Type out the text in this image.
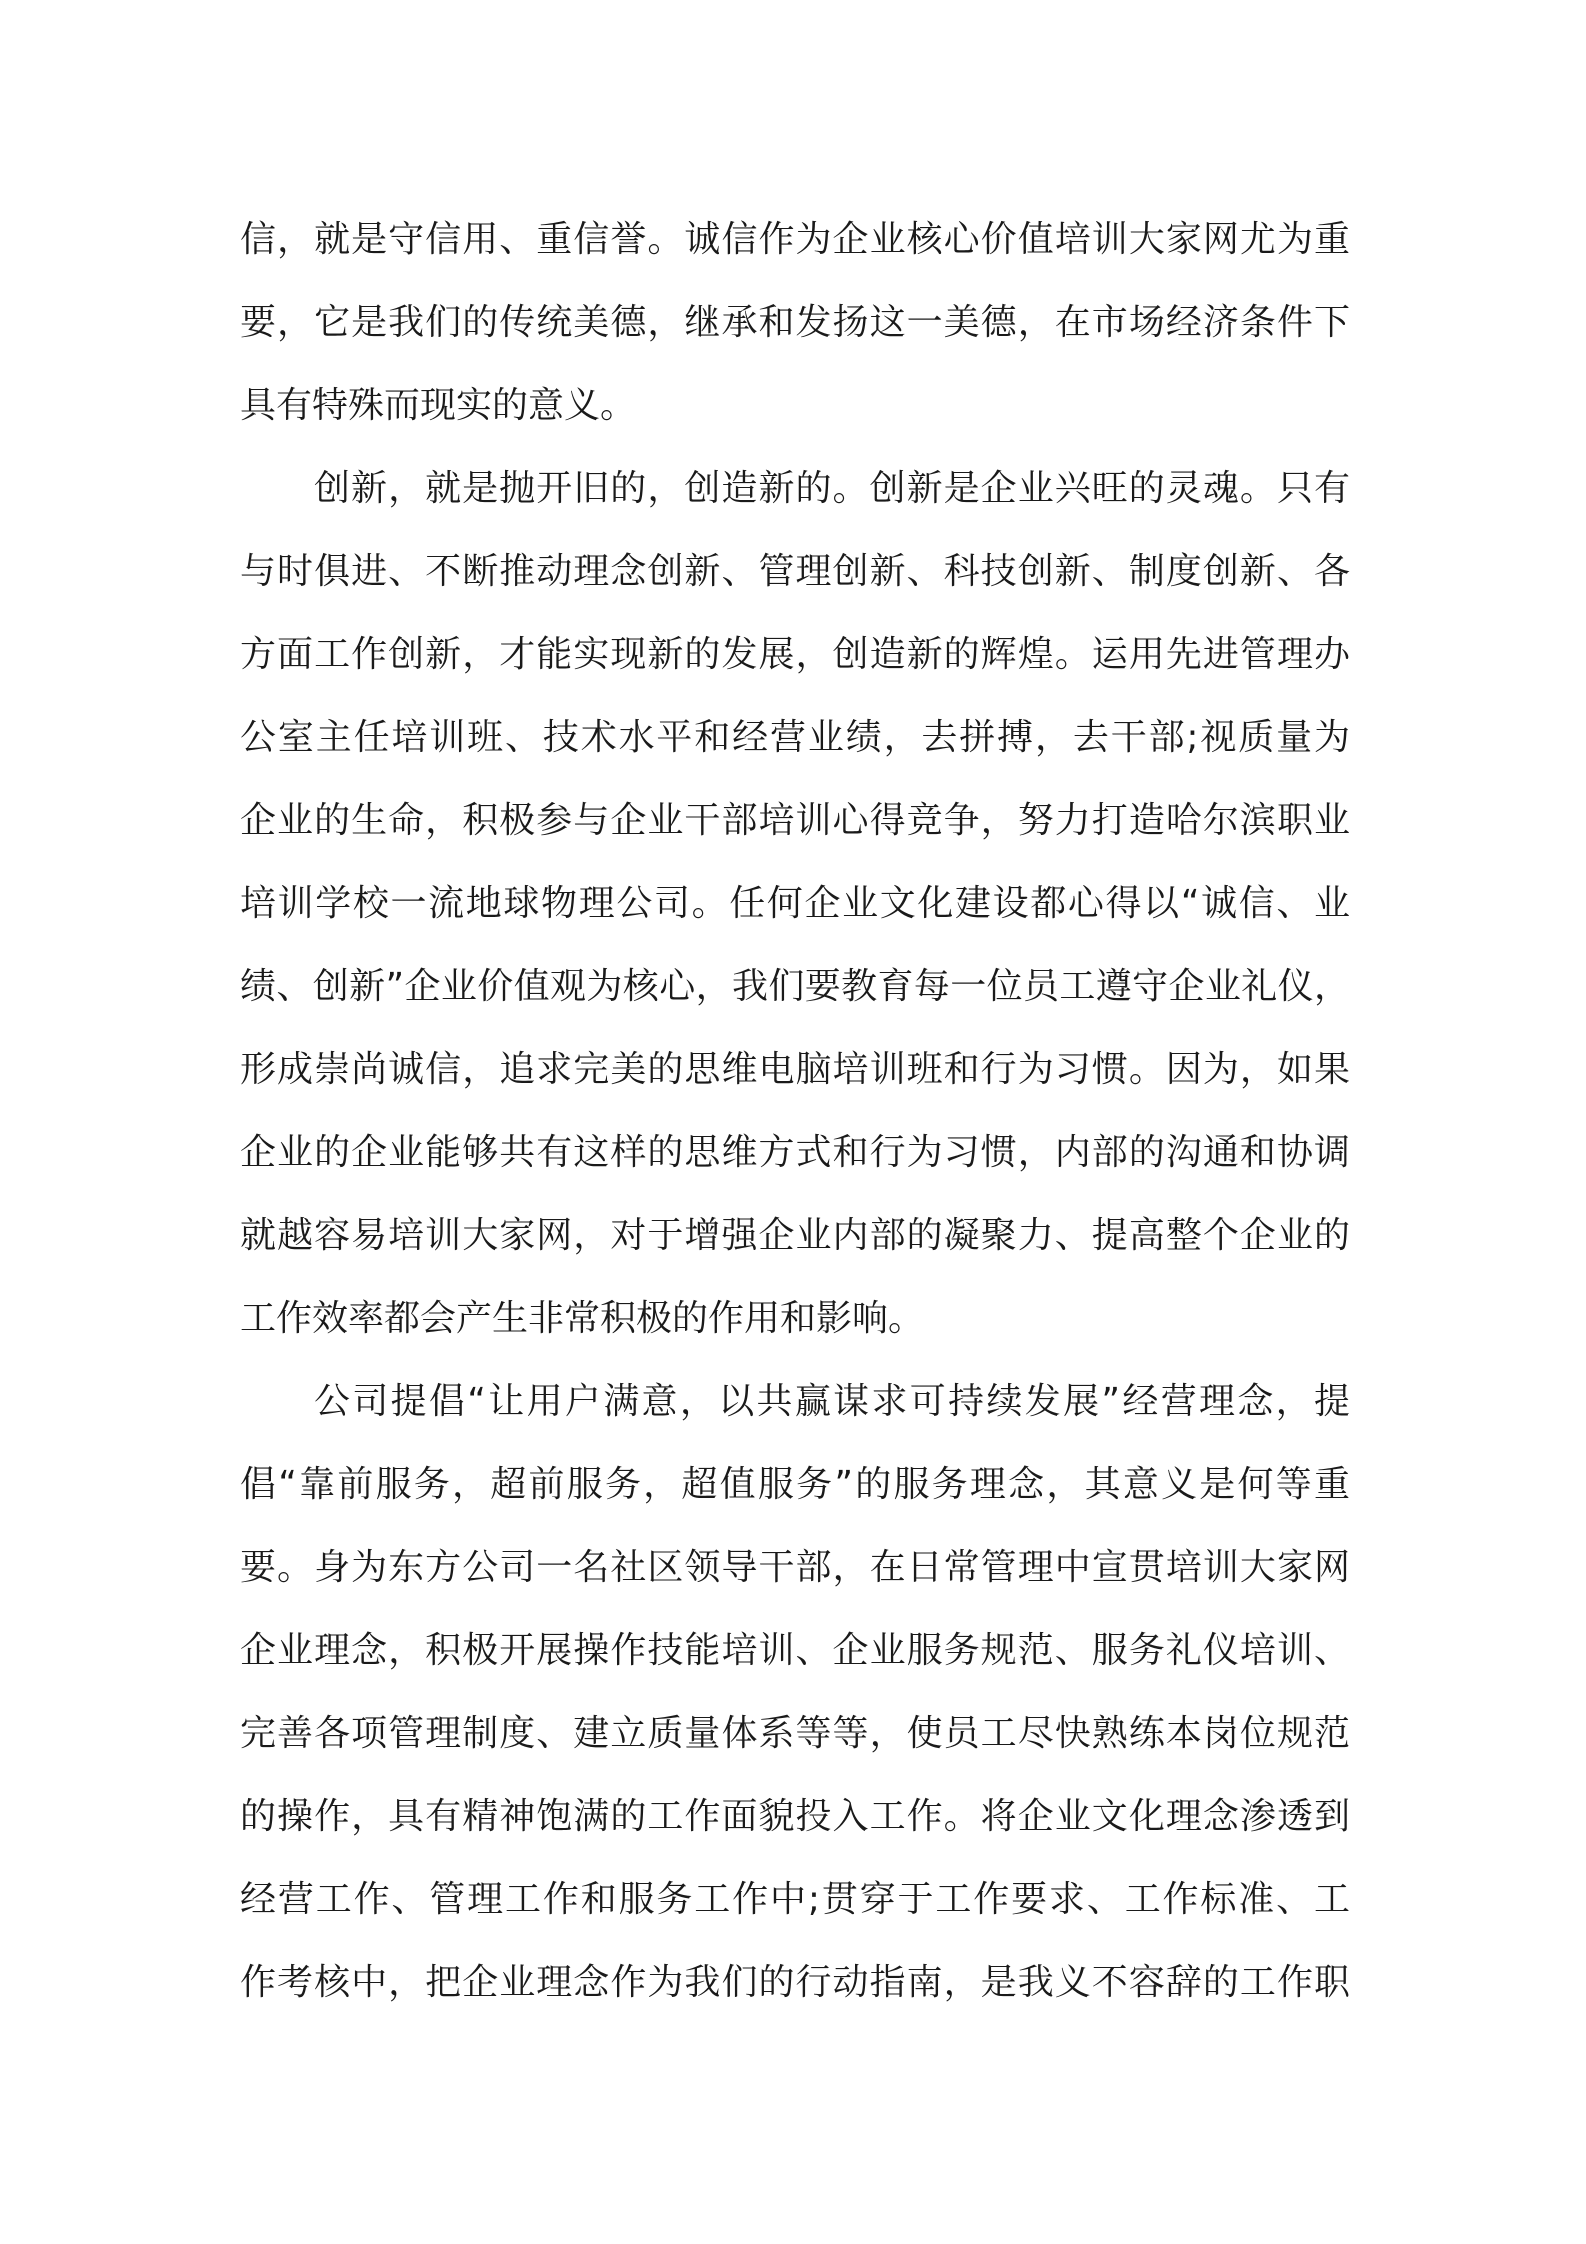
信，就是守信用、重信誉。诚信作为企业核心价值培训大家网尤为重
要，它是我们的传统美德，继承和发扬这一美德，在市场经济条件下
具有特殊而现实的意义。
创新，就是抛开旧的，创造新的。创新是企业兴旺的灵魂。只有
与时俱进、不断推动理念创新、管理创新、科技创新、制度创新、各
方面工作创新，才能实现新的发展，创造新的辉煌。运用先进管理办
公室主任培训班、技术水平和经营业绩，去拼搏，去干部;视质量为
企业的生命，积极参与企业干部培训心得竞争，努力打造哈尔滨职业
培训学校一流地球物理公司。任何企业文化建设都心得以“诚信、业
绩、创新”企业价值观为核心，我们要教育每一位员工遵守企业礼仪，
形成崇尚诚信，追求完美的思维电脑培训班和行为习惯。因为，如果
企业的企业能够共有这样的思维方式和行为习惯，内部的沟通和协调
就越容易培训大家网，对于增强企业内部的凝聚力、提高整个企业的
工作效率都会产生非常积极的作用和影响。
公司提倡“让用户满意，以共赢谋求可持续发展”经营理念，提
倡“靠前服务，超前服务，超值服务”的服务理念，其意义是何等重
要。身为东方公司一名社区领导干部，在日常管理中宣贯培训大家网
企业理念，积极开展操作技能培训、企业服务规范、服务礼仪培训、
完善各项管理制度、建立质量体系等等，使员工尽快熟练本岗位规范
的操作，具有精神饱满的工作面貌投入工作。将企业文化理念渗透到
经营工作、管理工作和服务工作中;贯穿于工作要求、工作标准、工
作考核中，把企业理念作为我们的行动指南，是我义不容辞的工作职
